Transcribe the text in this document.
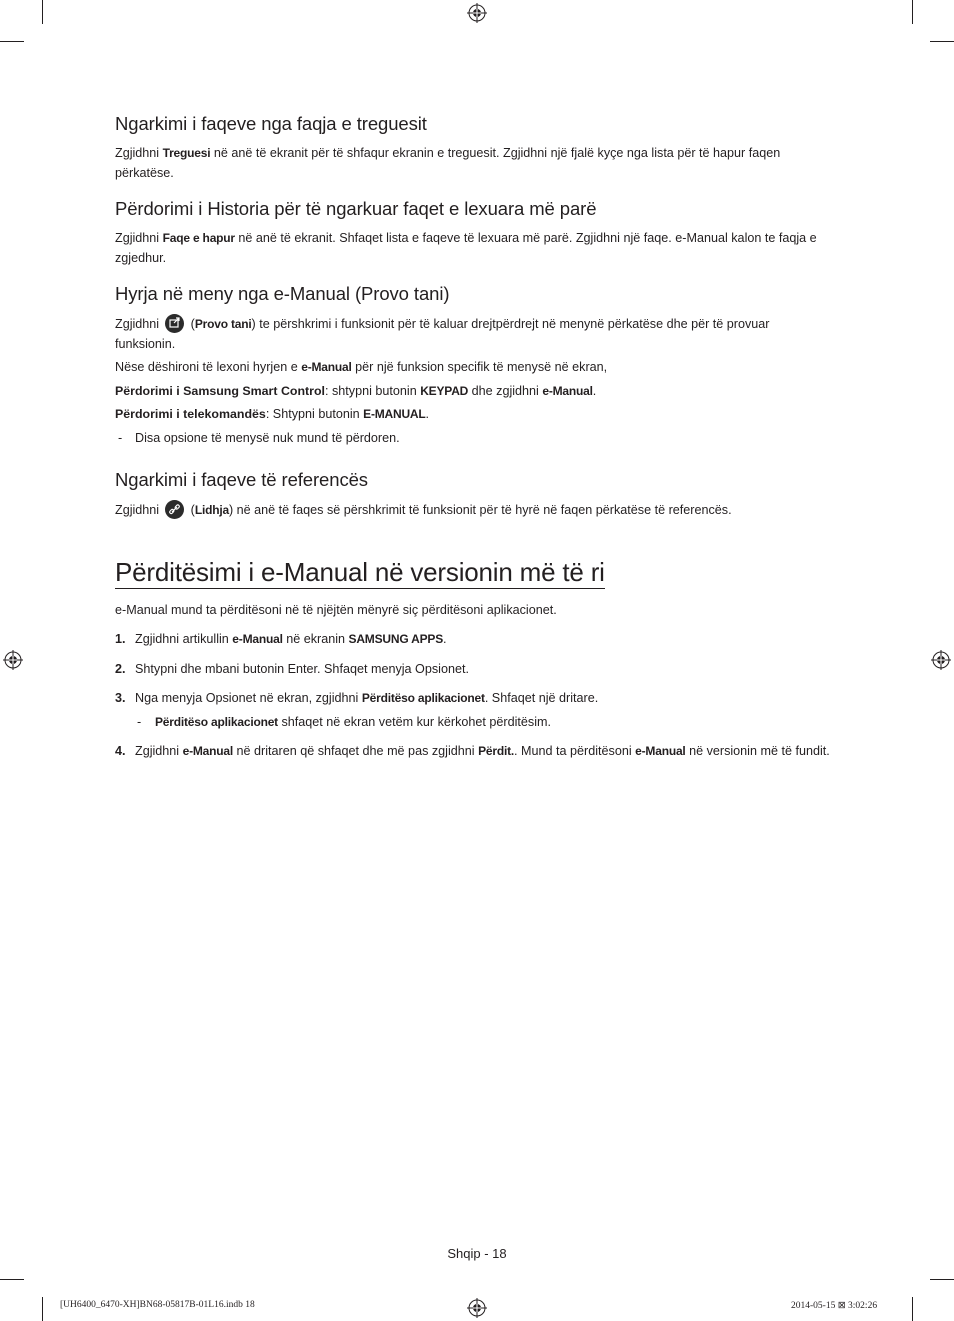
Ngarkimi i faqeve nga faqja e treguesit

Zgjidhni Treguesi në anë të ekranit për të shfaqur ekranin e treguesit. Zgjidhni një fjalë kyçe nga lista për të hapur faqen përkatëse.

Përdorimi i Historia për të ngarkuar faqet e lexuara më parë

Zgjidhni Faqe e hapur në anë të ekranit. Shfaqet lista e faqeve të lexuara më parë. Zgjidhni një faqe. e-Manual kalon te faqja e zgjedhur.

Hyrja në meny nga e-Manual (Provo tani)

Zgjidhni
(Provo tani) te përshkrimi i funksionit për të kaluar drejtpërdrejt në menynë përkatëse dhe për të provuar funksionin.

Nëse dëshironi të lexoni hyrjen e e-Manual për një funksion specifik të menysë në ekran,

Përdorimi i Samsung Smart Control: shtypni butonin KEYPAD dhe zgjidhni e-Manual.

Përdorimi i telekomandës: Shtypni butonin E-MANUAL.

- Disa opsione të menysë nuk mund të përdoren.

Ngarkimi i faqeve të referencës

Zgjidhni
(Lidhja) në anë të faqes së përshkrimit të funksionit për të hyrë në faqen përkatëse të referencës.

Përditësimi i e-Manual në versionin më të ri

e-Manual mund ta përditësoni në të njëjtën mënyrë siç përditësoni aplikacionet.

1. Zgjidhni artikullin e-Manual në ekranin SAMSUNG APPS.
2. Shtypni dhe mbani butonin Enter. Shfaqet menyja Opsionet.
3. Nga menyja Opsionet në ekran, zgjidhni Përditëso aplikacionet. Shfaqet një dritare.
- Përditëso aplikacionet shfaqet në ekran vetëm kur kërkohet përditësim.
4. Zgjidhni e-Manual në dritaren që shfaqet dhe më pas zgjidhni Përdit.. Mund ta përditësoni e-Manual në versionin më të fundit.
Shqip - 18
[UH6400_6470-XH]BN68-05817B-01L16.indb 18	2014-05-15 ⊠ 3:02:26
